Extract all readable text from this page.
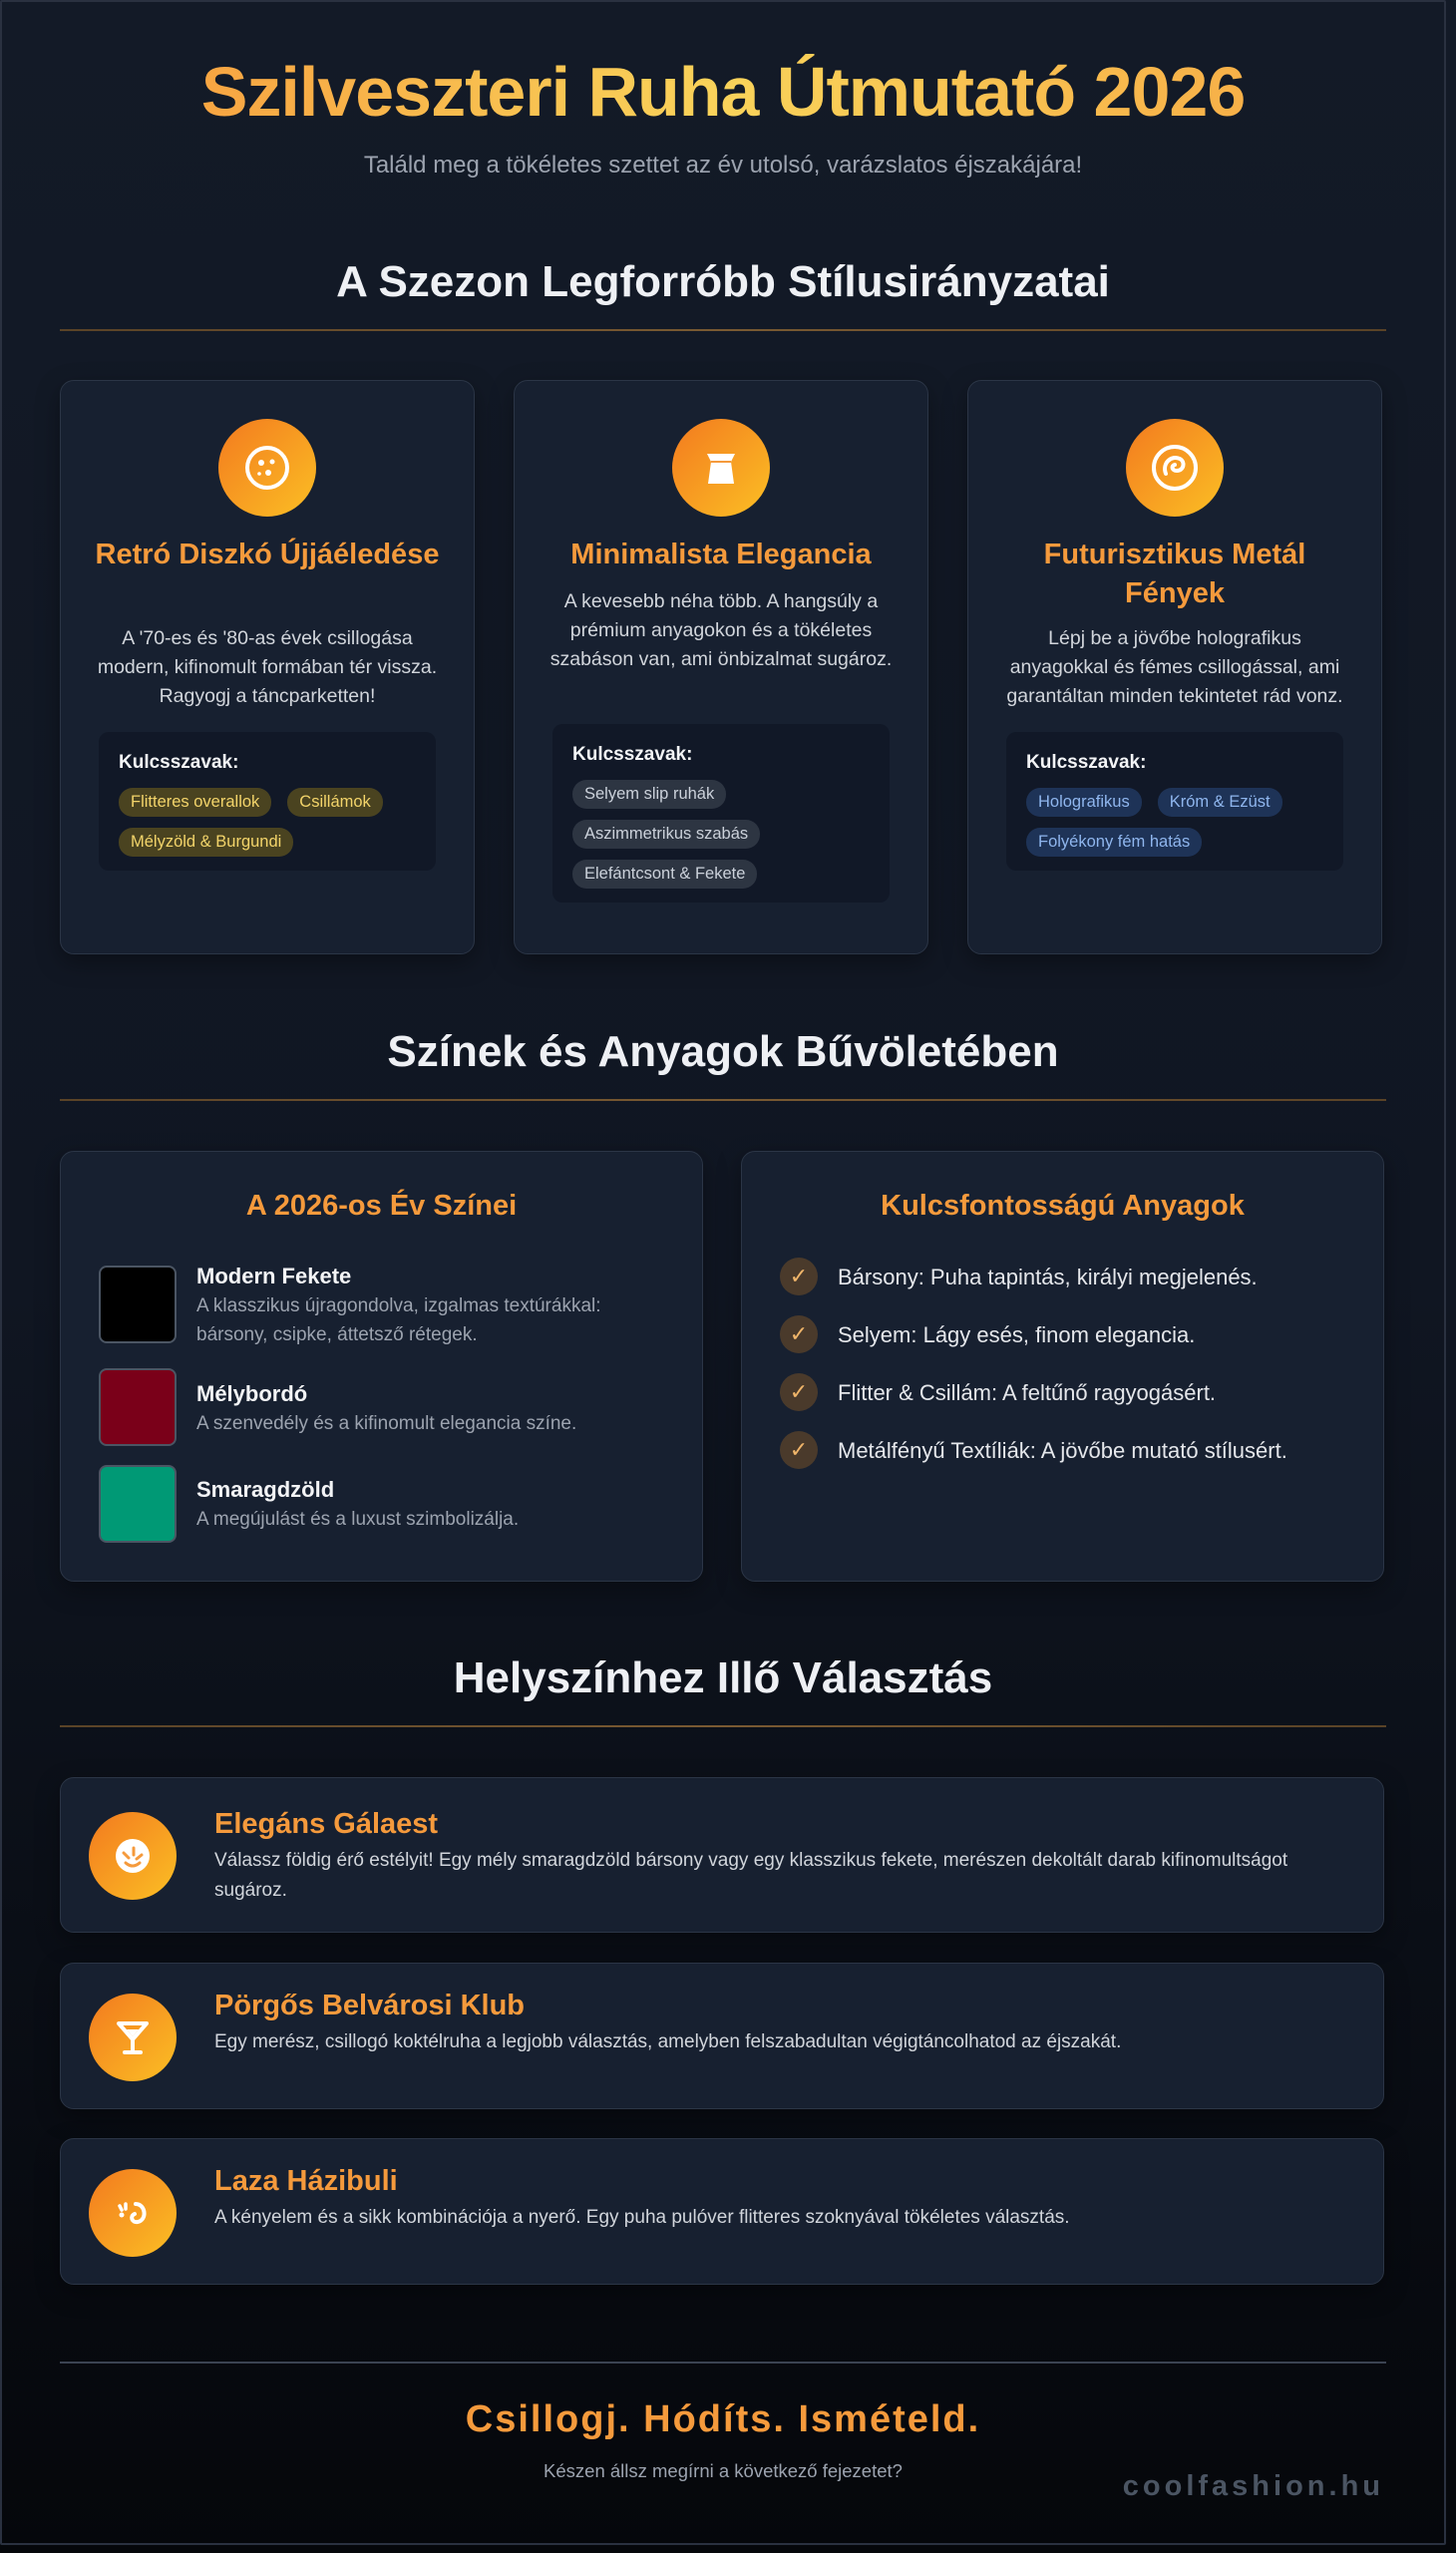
Szilveszteri Ruha Útmutató 2026

Találd meg a tökéletes szettet az év utolsó, varázslatos éjszakájára!

A Szezon Legforróbb Stílusirányzatai
Retró Diszkó Újjáéledése
A '70-es és '80-as évek csillogása modern, kifinomult formában tér vissza. Ragyogj a táncparketten!
Kulcsszavak:
Flitteres overallok	Csillámok
Mélyzöld & Burgundi
Minimalista Elegancia
A kevesebb néha több. A hangsúly a prémium anyagokon és a tökéletes szabáson van, ami önbizalmat sugároz.
Kulcsszavak:
Selyem slip ruhák
Aszimmetrikus szabás
Elefántcsont & Fekete
Futurisztikus Metál Fények
Lépj be a jövőbe holografikus anyagokkal és fémes csillogással, ami garantáltan minden tekintetet rád vonz.
Kulcsszavak:
Holografikus	Króm & Ezüst
Folyékony fém hatás
Színek és Anyagok Bűvöletében
A 2026-os Év Színei
Modern Fekete
A klasszikus újragondolva, izgalmas textúrákkal: bársony, csipke, áttetsző rétegek.
Mélybordó
A szenvedély és a kifinomult elegancia színe.
Smaragdzöld
A megújulást és a luxust szimbolizálja.
Kulcsfontosságú Anyagok
✓	Bársony: Puha tapintás, királyi megjelenés.
✓	Selyem: Lágy esés, finom elegancia.
✓	Flitter & Csillám: A feltűnő ragyogásért.
✓	Metálfényű Textíliák: A jövőbe mutató stílusért.
Helyszínhez Illő Választás
Elegáns Gálaest
Válassz földig érő estélyit! Egy mély smaragdzöld bársony vagy egy klasszikus fekete, merészen dekoltált darab kifinomultságot sugároz.
Pörgős Belvárosi Klub
Egy merész, csillogó koktélruha a legjobb választás, amelyben felszabadultan végigtáncolhatod az éjszakát.
Laza Házibuli
A kényelem és a sikk kombinációja a nyerő. Egy puha pulóver flitteres szoknyával tökéletes választás.
Csillogj. Hódíts. Ismételd.
Készen állsz megírni a következő fejezetet?	coolfashion.hu
